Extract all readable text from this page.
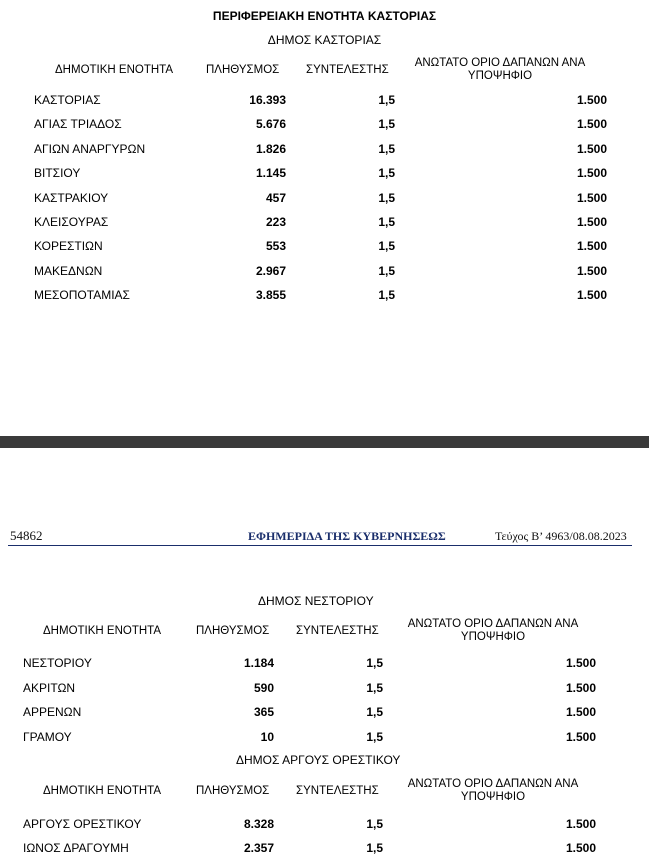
ΠΕΡΙΦΕΡΕΙΑΚΗ ΕΝΟΤΗΤΑ ΚΑΣΤΟΡΙΑΣ
ΔΗΜΟΣ ΚΑΣΤΟΡΙΑΣ
ΔΗΜΟΤΙΚΗ ΕΝΟΤΗΤΑ	ΠΛΗΘΥΣΜΟΣ ΣΥΝΤΕΛΕΣΤΗΣ
ΑΝΩΤΑΤΟ ΟΡΙΟ ΔΑΠΑΝΩΝ ΑΝΑ
ΥΠΟΨΗΦΙΟ
ΚΑΣΤΟΡΙΑΣ	16.393	1,5	1.500
ΑΓΙΑΣ ΤΡΙΑΔΟΣ	5.676	1,5	1.500
ΑΓΙΩΝ ΑΝΑΡΓΥΡΩΝ	1.826	1,5	1.500
ΒΙΤΣΙΟΥ	1.145	1,5	1.500
ΚΑΣΤΡΑΚΙΟΥ	457	1,5	1.500
ΚΛΕΙΣΟΥΡΑΣ	223	1,5	1.500
ΚΟΡΕΣΤΙΩΝ	553	1,5	1.500
ΜΑΚΕΔΝΩΝ	2.967	1,5	1.500
ΜΕΣΟΠΟΤΑΜΙΑΣ	3.855	1,5	1.500
54862	ΕΦΗΜΕΡΙΔΑ ΤΗΣ ΚΥΒΕΡΝΗΣΕΩΣ	Τεύχος Β’ 4963/08.08.2023
ΔΗΜΟΣ ΝΕΣΤΟΡΙΟΥ
ΔΗΜΟΤΙΚΗ ΕΝΟΤΗΤΑ	ΠΛΗΘΥΣΜΟΣ ΣΥΝΤΕΛΕΣΤΗΣ
ΑΝΩΤΑΤΟ ΟΡΙΟ ΔΑΠΑΝΩΝ ΑΝΑ
ΥΠΟΨΗΦΙΟ
ΝΕΣΤΟΡΙΟΥ	1.184	1,5	1.500
ΑΚΡΙΤΩΝ	590	1,5	1.500
ΑΡΡΕΝΩΝ	365	1,5	1.500
ΓΡΑΜΟΥ	10	1,5	1.500
ΔΗΜΟΣ ΑΡΓΟΥΣ ΟΡΕΣΤΙΚΟΥ
ΔΗΜΟΤΙΚΗ ΕΝΟΤΗΤΑ	ΠΛΗΘΥΣΜΟΣ ΣΥΝΤΕΛΕΣΤΗΣ
ΑΝΩΤΑΤΟ ΟΡΙΟ ΔΑΠΑΝΩΝ ΑΝΑ
ΥΠΟΨΗΦΙΟ
ΑΡΓΟΥΣ ΟΡΕΣΤΙΚΟΥ	8.328	1,5	1.500
ΙΩΝΟΣ ΔΡΑΓΟΥΜΗ	2.357	1,5	1.500
